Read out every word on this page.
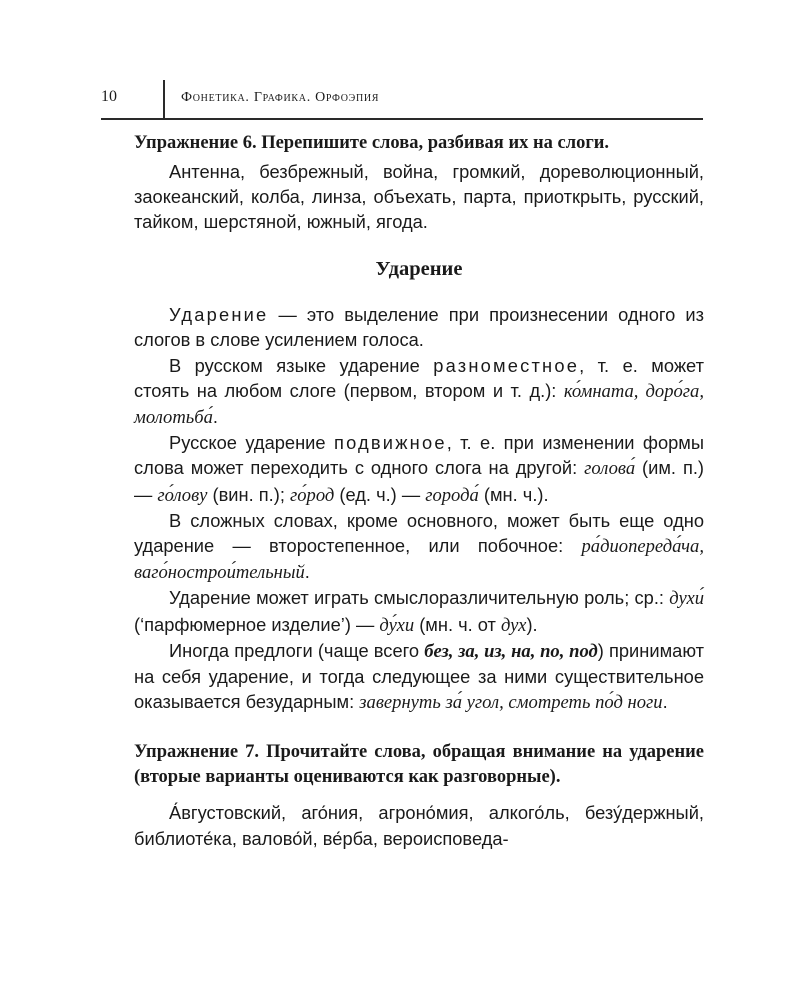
10	Фонетика. Графика. Орфоэпия

Упражнение 6. Перепишите слова, разбивая их на слоги.

Антенна, безбрежный, война, громкий, дореволюционный, заокеанский, колба, линза, объехать, парта, приоткрыть, русский, тайком, шерстяной, южный, ягода.

Ударение

Ударение — это выделение при произнесении одного из слогов в слове усилением голоса.

В русском языке ударение разноместное, т. е. может стоять на любом слоге (первом, втором и т. д.): ко́мната, доро́га, молотьба́.

Русское ударение подвижное, т. е. при изменении формы слова может переходить с одного слога на другой: голова́ (им. п.) — го́лову (вин. п.); го́род (ед. ч.) — города́ (мн. ч.).

В сложных словах, кроме основного, может быть еще одно ударение — второстепенное, или побочное: ра́диопереда́ча, ваго́нострои́тельный.

Ударение может играть смыслоразличительную роль; ср.: духи́ (‘парфюмерное изделие’) — ду́хи (мн. ч. от дух).

Иногда предлоги (чаще всего без, за, из, на, по, под) принимают на себя ударение, и тогда следующее за ними существительное оказывается безударным: завернуть за́ угол, смотреть по́д ноги.

Упражнение 7. Прочитайте слова, обращая внимание на ударение (вторые варианты оцениваются как разговорные).

А́вгустовский, аго́ния, агроно́мия, алкого́ль, безу́держный, библиоте́ка, валово́й, ве́рба, вероисповеда-
